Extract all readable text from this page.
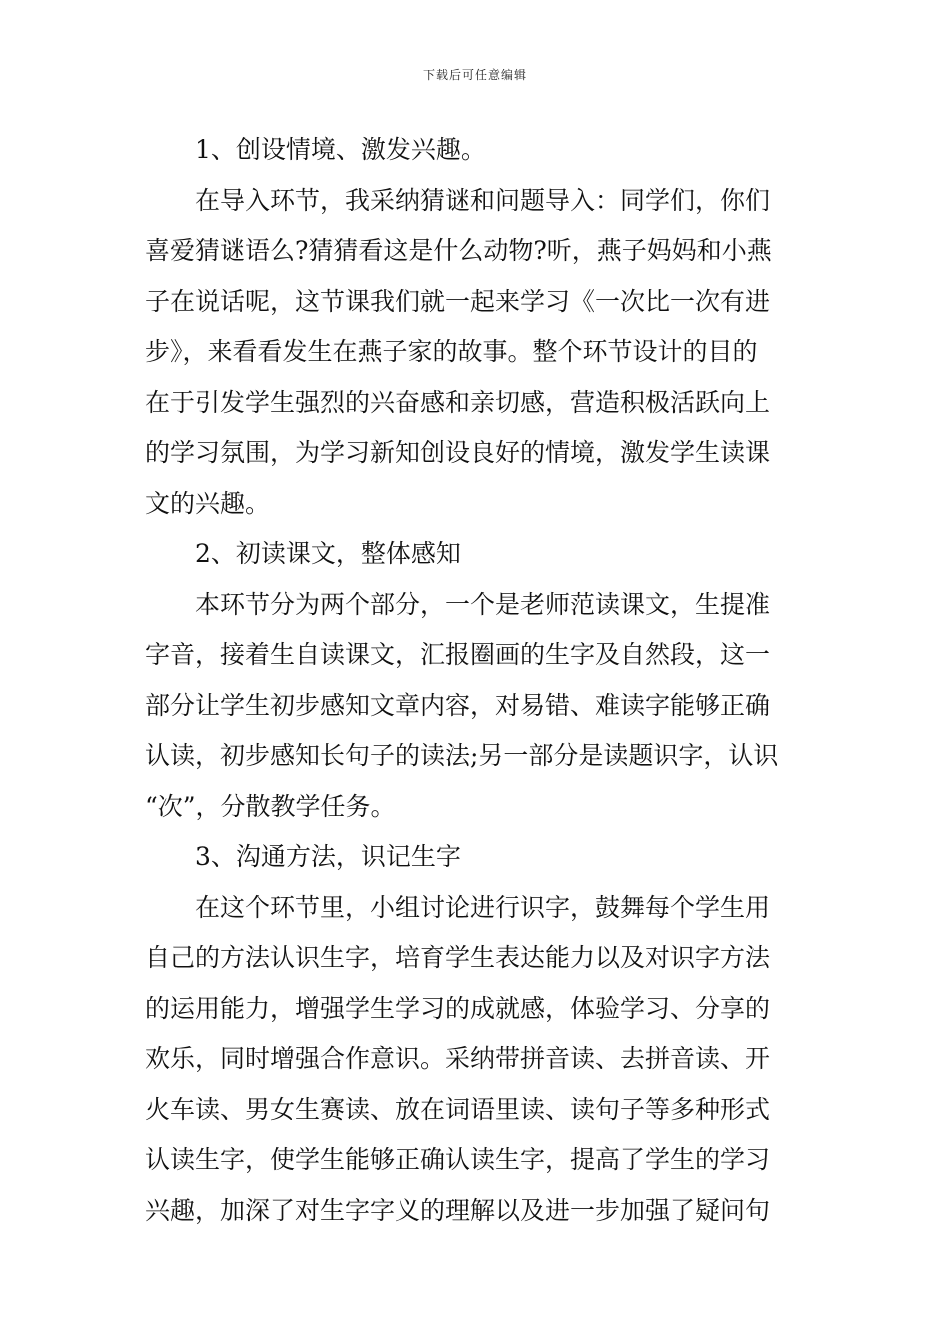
下载后可任意编辑
1、创设情境、激发兴趣。
在导入环节，我采纳猜谜和问题导入：同学们，你们
喜爱猜谜语么?猜猜看这是什么动物?听，燕子妈妈和小燕
子在说话呢，这节课我们就一起来学习《一次比一次有进
步》，来看看发生在燕子家的故事。整个环节设计的目的
在于引发学生强烈的兴奋感和亲切感，营造积极活跃向上
的学习氛围，为学习新知创设良好的情境，激发学生读课
文的兴趣。
2、初读课文，整体感知
本环节分为两个部分，一个是老师范读课文，生提准
字音，接着生自读课文，汇报圈画的生字及自然段，这一
部分让学生初步感知文章内容，对易错、难读字能够正确
认读，初步感知长句子的读法;另一部分是读题识字，认识
“次”，分散教学任务。
3、沟通方法，识记生字
在这个环节里，小组讨论进行识字，鼓舞每个学生用
自己的方法认识生字，培育学生表达能力以及对识字方法
的运用能力，增强学生学习的成就感，体验学习、分享的
欢乐，同时增强合作意识。采纳带拼音读、去拼音读、开
火车读、男女生赛读、放在词语里读、读句子等多种形式
认读生字，使学生能够正确认读生字，提高了学生的学习
兴趣，加深了对生字字义的理解以及进一步加强了疑问句
